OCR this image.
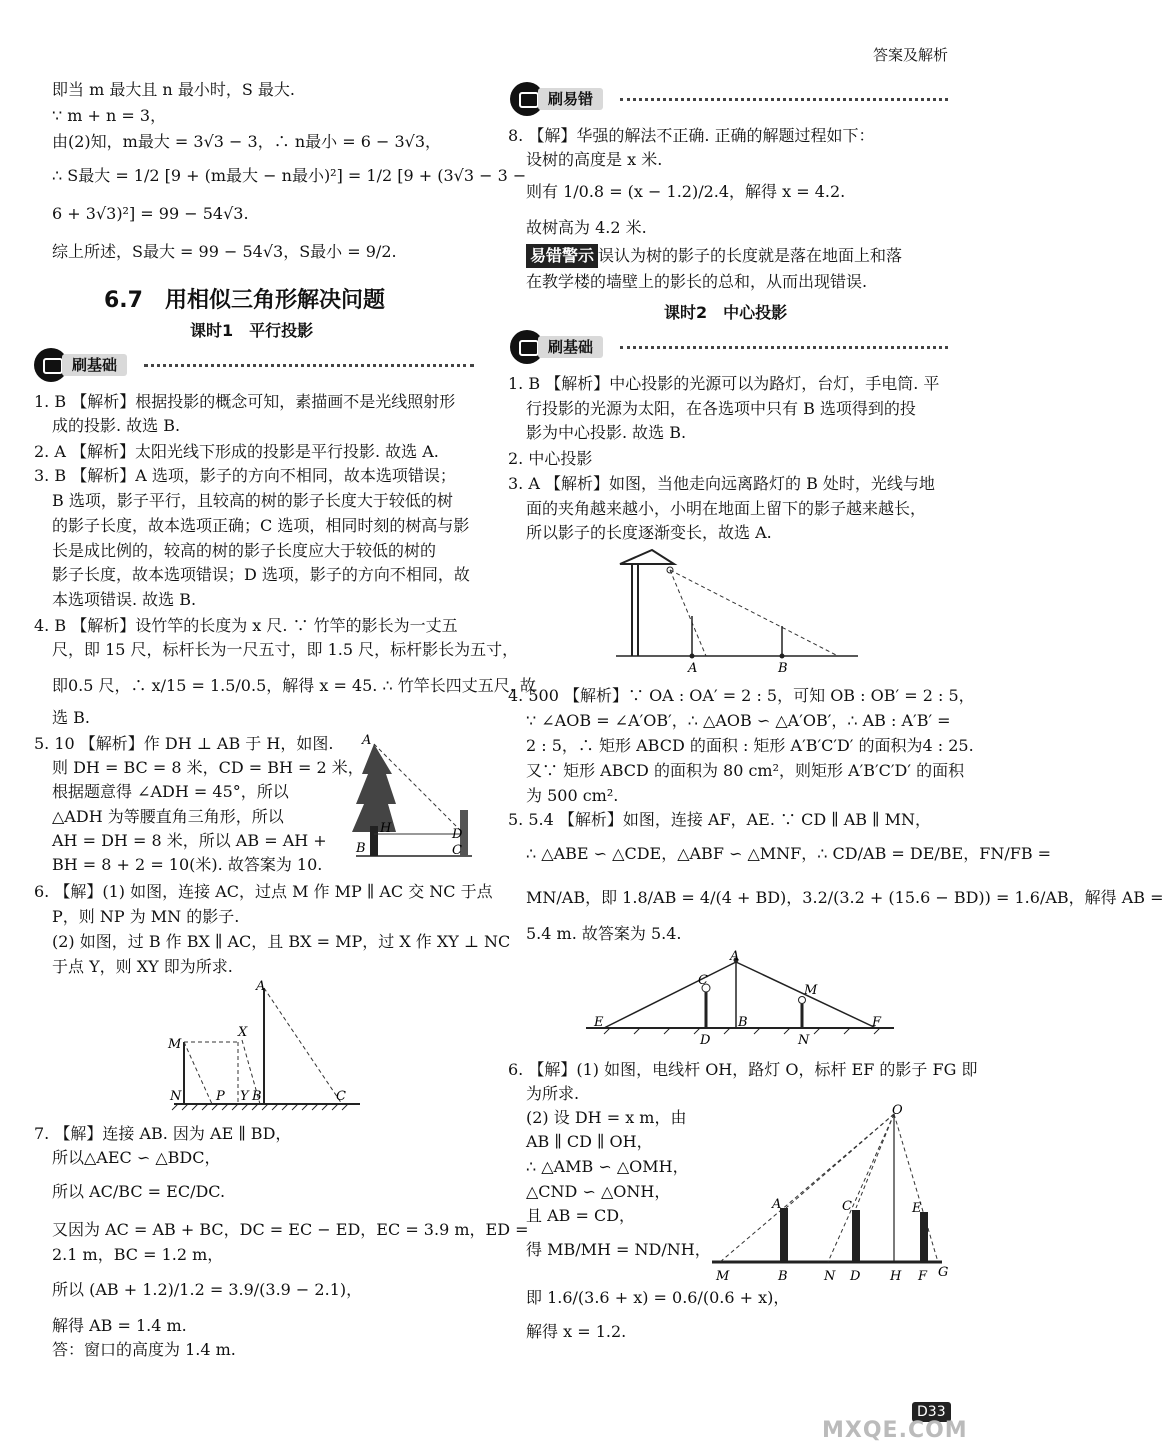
答案及解析
即当 m 最大且 n 最小时，S 最大.
∵ m + n = 3，
由(2)知，m最大 = 3√3 − 3，∴ n最小 = 6 − 3√3，
∴ S最大 = 1/2 [9 + (m最大 − n最小)²] = 1/2 [9 + (3√3 − 3 −
6 + 3√3)²] = 99 − 54√3.
综上所述，S最大 = 99 − 54√3，S最小 = 9/2.
6.7　用相似三角形解决问题
课时1　平行投影
刷基础
1. B 【解析】根据投影的概念可知，素描画不是光线照射形
成的投影. 故选 B.
2. A 【解析】太阳光线下形成的投影是平行投影. 故选 A.
3. B 【解析】A 选项，影子的方向不相同，故本选项错误；
B 选项，影子平行，且较高的树的影子长度大于较低的树
的影子长度，故本选项正确；C 选项，相同时刻的树高与影
长是成比例的，较高的树的影子长度应大于较低的树的
影子长度，故本选项错误；D 选项，影子的方向不相同，故
本选项错误. 故选 B.
4. B 【解析】设竹竿的长度为 x 尺. ∵ 竹竿的影长为一丈五
尺，即 15 尺，标杆长为一尺五寸，即 1.5 尺，标杆影长为五寸，
即0.5 尺，∴ x/15 = 1.5/0.5，解得 x = 45. ∴ 竹竿长四丈五尺. 故
选 B.
5. 10 【解析】作 DH ⊥ AB 于 H，如图.
则 DH = BC = 8 米，CD = BH = 2 米，
根据题意得 ∠ADH = 45°，所以
△ADH 为等腰直角三角形，所以
AH = DH = 8 米，所以 AB = AH +
BH = 8 + 2 = 10(米). 故答案为 10.
6. 【解】(1) 如图，连接 AC，过点 M 作 MP ∥ AC 交 NC 于点
P，则 NP 为 MN 的影子.
(2) 如图，过 B 作 BX ∥ AC，且 BX = MP，过 X 作 XY ⊥ NC
于点 Y，则 XY 即为所求.
7. 【解】连接 AB. 因为 AE ∥ BD，
所以△AEC ∽ △BDC，
所以 AC/BC = EC/DC.
又因为 AC = AB + BC，DC = EC − ED，EC = 3.9 m，ED =
2.1 m，BC = 1.2 m，
所以 (AB + 1.2)/1.2 = 3.9/(3.9 − 2.1)，
解得 AB = 1.4 m.
答：窗口的高度为 1.4 m.
A
H
B	C
D
A
M
X
N	P Y B	C
刷易错
8. 【解】华强的解法不正确. 正确的解题过程如下：
设树的高度是 x 米.
则有 1/0.8 = (x − 1.2)/2.4，解得 x = 4.2.
故树高为 4.2 米.
易错警示 误认为树的影子的长度就是落在地面上和落
在教学楼的墙壁上的影长的总和，从而出现错误.
课时2　中心投影
刷基础
1. B 【解析】中心投影的光源可以为路灯，台灯，手电筒. 平
行投影的光源为太阳，在各选项中只有 B 选项得到的投
影为中心投影. 故选 B.
2. 中心投影
3. A 【解析】如图，当他走向远离路灯的 B 处时，光线与地
面的夹角越来越小，小明在地面上留下的影子越来越长，
所以影子的长度逐渐变长，故选 A.
A	B
4. 500 【解析】∵ OA : OA′ = 2 : 5，可知 OB : OB′ = 2 : 5，
∵ ∠AOB = ∠A′OB′，∴ △AOB ∽ △A′OB′，∴ AB : A′B′ =
2 : 5，∴ 矩形 ABCD 的面积 : 矩形 A′B′C′D′ 的面积为4 : 25.
又∵ 矩形 ABCD 的面积为 80 cm²，则矩形 A′B′C′D′ 的面积
为 500 cm².
5. 5.4 【解析】如图，连接 AF，AE. ∵ CD ∥ AB ∥ MN，
∴ △ABE ∽ △CDE，△ABF ∽ △MNF，∴ CD/AB = DE/BE，FN/FB =
MN/AB，即 1.8/AB = 4/(4 + BD)，3.2/(3.2 + (15.6 − BD)) = 1.6/AB，解得 AB =
5.4 m. 故答案为 5.4.
A
C
M
E
D
B
N
F
6. 【解】(1) 如图，电线杆 OH，路灯 O，标杆 EF 的影子 FG 即
为所求.
(2) 设 DH = x m，由
AB ∥ CD ∥ OH，
∴ △AMB ∽ △OMH，
△CND ∽ △ONH，
且 AB = CD，
得 MB/MH = ND/NH，
即 1.6/(3.6 + x) = 0.6/(0.6 + x)，
解得 x = 1.2.
O
A	C	E
M	B	N D H F G
D33
MXQE.COM
